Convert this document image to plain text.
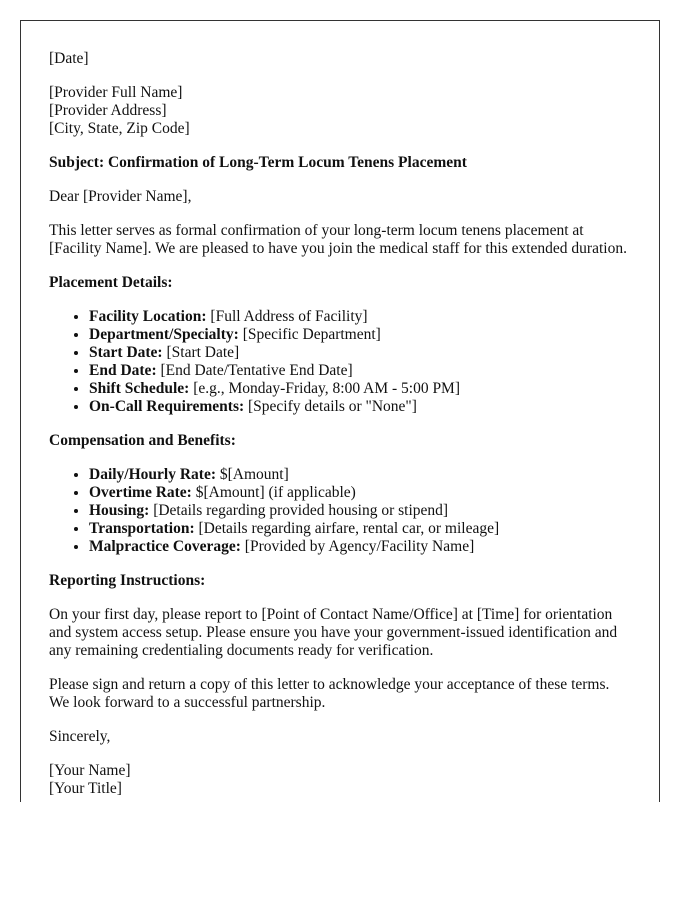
[Date]

[Provider Full Name]
[Provider Address]
[City, State, Zip Code]

Subject: Confirmation of Long-Term Locum Tenens Placement

Dear [Provider Name],

This letter serves as formal confirmation of your long-term locum tenens placement at [Facility Name]. We are pleased to have you join the medical staff for this extended duration.

Placement Details:

• Facility Location: [Full Address of Facility]
• Department/Specialty: [Specific Department]
• Start Date: [Start Date]
• End Date: [End Date/Tentative End Date]
• Shift Schedule: [e.g., Monday-Friday, 8:00 AM - 5:00 PM]
• On-Call Requirements: [Specify details or "None"]

Compensation and Benefits:

• Daily/Hourly Rate: $[Amount]
• Overtime Rate: $[Amount] (if applicable)
• Housing: [Details regarding provided housing or stipend]
• Transportation: [Details regarding airfare, rental car, or mileage]
• Malpractice Coverage: [Provided by Agency/Facility Name]

Reporting Instructions:

On your first day, please report to [Point of Contact Name/Office] at [Time] for orientation and system access setup. Please ensure you have your government-issued identification and any remaining credentialing documents ready for verification.

Please sign and return a copy of this letter to acknowledge your acceptance of these terms. We look forward to a successful partnership.

Sincerely,

[Your Name]
[Your Title]
